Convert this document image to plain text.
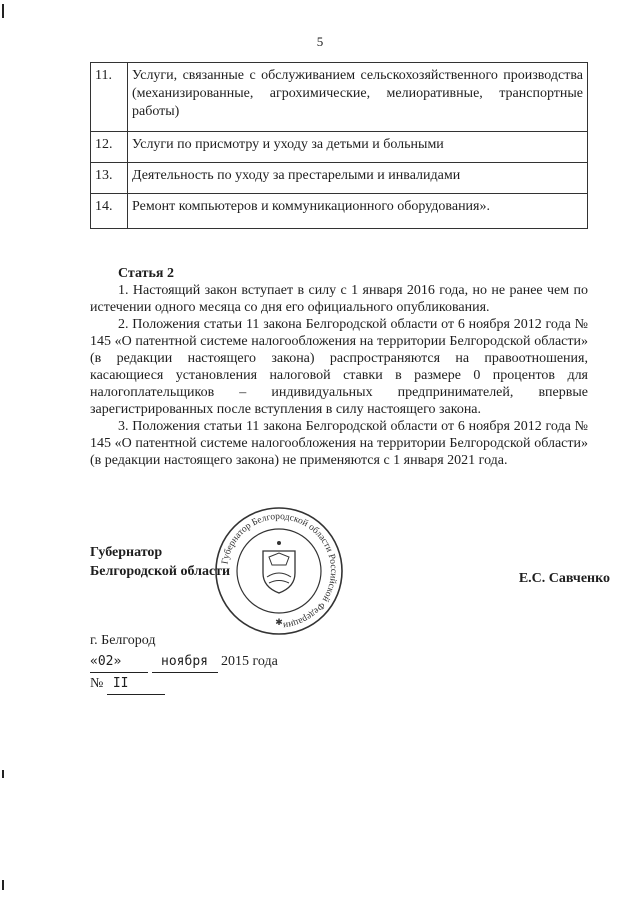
5
11.	Услуги, связанные с обслуживанием сельскохозяйственного производства (механизированные, агрохимические, мелиоративные, транспортные работы)
12.	Услуги по присмотру и уходу за детьми и больными
13.	Деятельность по уходу за престарелыми и инвалидами
14.	Ремонт компьютеров и коммуникационного оборудования».
Статья 2

1. Настоящий закон вступает в силу с 1 января 2016 года, но не ранее чем по истечении одного месяца со дня его официального опубликования.

2. Положения статьи 11 закона Белгородской области от 6 ноября 2012 года № 145 «О патентной системе налогообложения на территории Белгородской области» (в редакции настоящего закона) распространяются на правоотношения, касающиеся установления налоговой ставки в размере 0 процентов для налогоплательщиков – индивидуальных предпринимателей, впервые зарегистрированных после вступления в силу настоящего закона.

3. Положения статьи 11 закона Белгородской области от 6 ноября 2012 года № 145 «О патентной системе налогообложения на территории Белгородской области» (в редакции настоящего закона) не применяются с 1 января 2021 года.

Губернатор
Белгородской области	Е.С. Савченко
Губернатор Белгородской области Российской Федерации
✱
г. Белгород
«02»	ноября 2015 года
№ II
